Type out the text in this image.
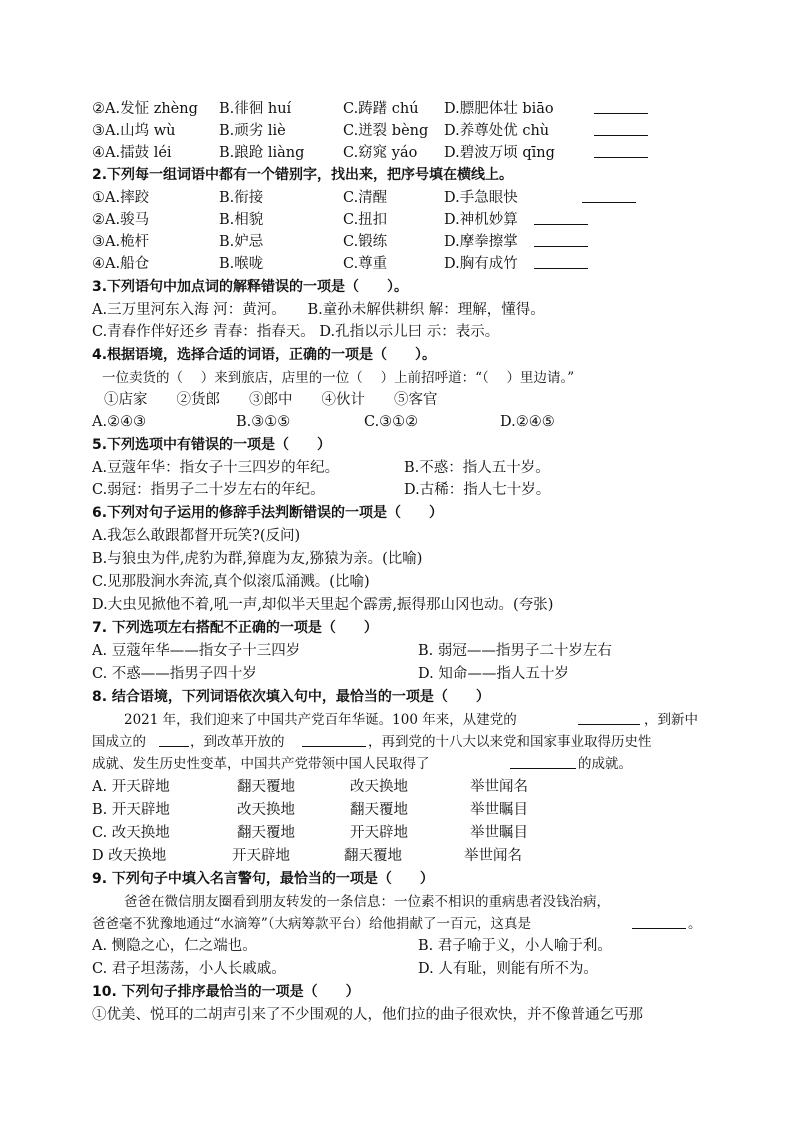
②A.发怔 zhèng B.徘徊 huí	C.踌躇 chú D.膘肥体壮 biāo
③A.山坞 wù	B.顽劣 liè	C.迸裂 bèng D.养尊处优 chù
④A.擂鼓 léi	B.踉跄 liàng	C.窈窕 yáo D.碧波万顷 qīng
2.下列每一组词语中都有一个错别字，找出来，把序号填在横线上。
①A.摔跤	B.衔接	C.清醒	D.手急眼快
②A.骏马	B.相貌	C.扭扣	D.神机妙算
③A.桅杆	B.妒忌	C.锻练	D.摩拳擦掌
④A.船仓	B.喉咙	C.尊重	D.胸有成竹
3.下列语句中加点词的解释错误的一项是（　　）。
A.三万里河东入海 河：黄河。　　B.童孙未解供耕织 解：理解，懂得。
C.青春作伴好还乡 青春：指春天。 D.孔指以示儿曰 示：表示。
4.根据语境，选择合适的词语，正确的一项是（　　）。
一位卖货的（　 ）来到旅店，店里的一位（　 ）上前招呼道：“（　 ）里边请。”
①店家　　②货郎　　③郎中　　④伙计　　⑤客官
A.②④③	B.③①⑤	C.③①②	D.②④⑤
5.下列选项中有错误的一项是（　　）
A.豆蔻年华：指女子十三四岁的年纪。	B.不惑：指人五十岁。
C.弱冠：指男子二十岁左右的年纪。	D.古稀：指人七十岁。
6.下列对句子运用的修辞手法判断错误的一项是（　　）
A.我怎么敢跟都督开玩笑?(反问)
B.与狼虫为伴,虎豹为群,獐鹿为友,猕猿为亲。(比喻)
C.见那股涧水奔流,真个似滚瓜涌溅。(比喻)
D.大虫见掀他不着,吼一声,却似半天里起个霹雳,振得那山冈也动。(夸张)
7. 下列选项左右搭配不正确的一项是（　　）
A. 豆蔻年华——指女子十三四岁	B. 弱冠——指男子二十岁左右
C. 不惑——指男子四十岁	D. 知命——指人五十岁
8. 结合语境，下列词语依次填入句中，最恰当的一项是（　　）
2021 年，我们迎来了中国共产党百年华诞。100 年来，从建党的	，到新中
国成立的	，到改革开放的	，再到党的十八大以来党和国家事业取得历史性
成就、发生历史性变革，中国共产党带领中国人民取得了	的成就。
A. 开天辟地	翻天覆地	改天换地	举世闻名
B. 开天辟地	改天换地	翻天覆地	举世瞩目
C. 改天换地	翻天覆地	开天辟地	举世瞩目
D 改天换地	开天辟地	翻天覆地	举世闻名
9. 下列句子中填入名言警句，最恰当的一项是（　　）
爸爸在微信朋友圈看到朋友转发的一条信息：一位素不相识的重病患者没钱治病，
爸爸毫不犹豫地通过“水滴筹”（大病筹款平台）给他捐献了一百元，这真是	。
A. 恻隐之心，仁之端也。	B. 君子喻于义，小人喻于利。
C. 君子坦荡荡，小人长戚戚。	D. 人有耻，则能有所不为。
10. 下列句子排序最恰当的一项是（　　）
①优美、悦耳的二胡声引来了不少围观的人，他们拉的曲子很欢快，并不像普通乞丐那
